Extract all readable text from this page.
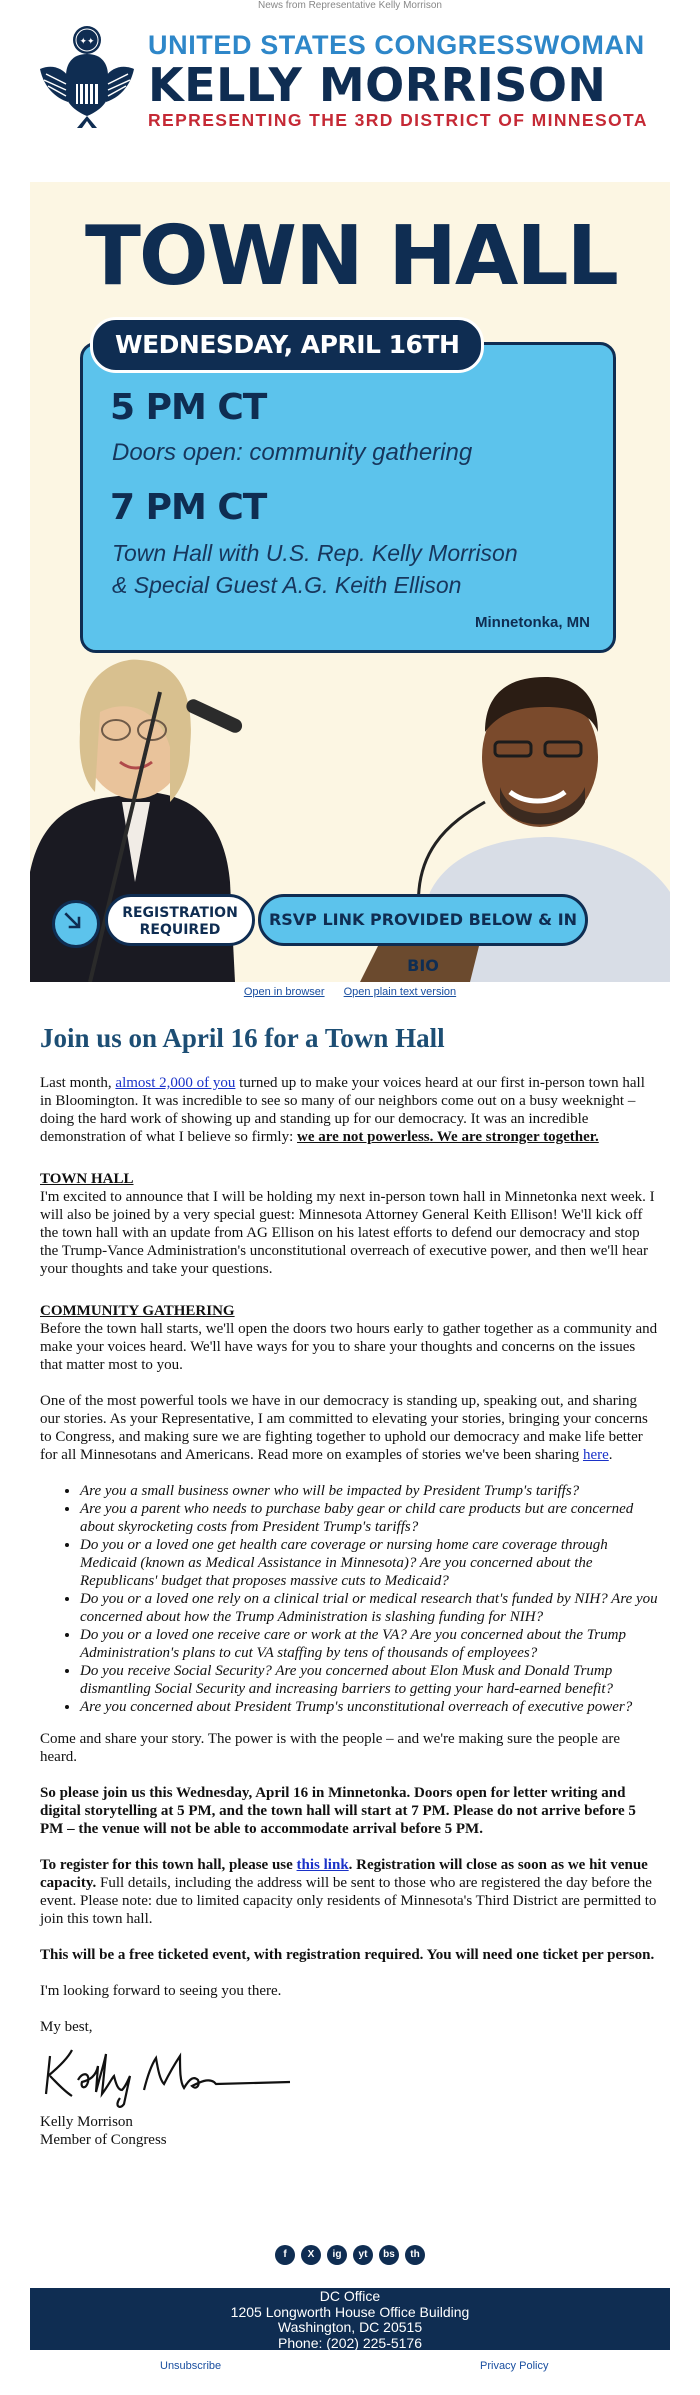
News from Representative Kelly Morrison
✦✦ UNITED STATES CONGRESSWOMAN
KELLY MORRISON
REPRESENTING THE 3RD DISTRICT OF MINNESOTA
TOWN HALL
WEDNESDAY, APRIL 16TH
5 PM CT
Doors open: community gathering
7 PM CT
Town Hall with U.S. Rep. Kelly Morrison
& Special Guest A.G. Keith Ellison
Minnetonka, MN
REGISTRATION
REQUIRED
RSVP LINK PROVIDED BELOW & IN BIO
Open in browser Open plain text version
Join us on April 16 for a Town Hall

Last month, almost 2,000 of you turned up to make your voices heard at our first in-person town hall in Bloomington. It was incredible to see so many of our neighbors come out on a busy weeknight – doing the hard work of showing up and standing up for our democracy. It was an incredible demonstration of what I believe so firmly: we are not powerless. We are stronger together.

TOWN HALL

I'm excited to announce that I will be holding my next in-person town hall in Minnetonka next week. I will also be joined by a very special guest: Minnesota Attorney General Keith Ellison! We'll kick off the town hall with an update from AG Ellison on his latest efforts to defend our democracy and stop the Trump-Vance Administration's unconstitutional overreach of executive power, and then we'll hear your thoughts and take your questions.

COMMUNITY GATHERING

Before the town hall starts, we'll open the doors two hours early to gather together as a community and make your voices heard. We'll have ways for you to share your thoughts and concerns on the issues that matter most to you.

One of the most powerful tools we have in our democracy is standing up, speaking out, and sharing our stories. As your Representative, I am committed to elevating your stories, bringing your concerns to Congress, and making sure we are fighting together to uphold our democracy and make life better for all Minnesotans and Americans. Read more on examples of stories we've been sharing here.

• Are you a small business owner who will be impacted by President Trump's tariffs?
• Are you a parent who needs to purchase baby gear or child care products but are concerned about skyrocketing costs from President Trump's tariffs?
• Do you or a loved one get health care coverage or nursing home care coverage through Medicaid (known as Medical Assistance in Minnesota)? Are you concerned about the Republicans' budget that proposes massive cuts to Medicaid?
• Do you or a loved one rely on a clinical trial or medical research that's funded by NIH? Are you concerned about how the Trump Administration is slashing funding for NIH?
• Do you or a loved one receive care or work at the VA? Are you concerned about the Trump Administration's plans to cut VA staffing by tens of thousands of employees?
• Do you receive Social Security? Are you concerned about Elon Musk and Donald Trump dismantling Social Security and increasing barriers to getting your hard-earned benefit?
• Are you concerned about President Trump's unconstitutional overreach of executive power?

Come and share your story. The power is with the people – and we're making sure the people are heard.

So please join us this Wednesday, April 16 in Minnetonka. Doors open for letter writing and digital storytelling at 5 PM, and the town hall will start at 7 PM. Please do not arrive before 5 PM – the venue will not be able to accommodate arrival before 5 PM.

To register for this town hall, please use this link. Registration will close as soon as we hit venue capacity. Full details, including the address will be sent to those who are registered the day before the event. Please note: due to limited capacity only residents of Minnesota's Third District are permitted to join this town hall.

This will be a free ticketed event, with registration required. You will need one ticket per person.

I'm looking forward to seeing you there.

My best,

Kelly Morrison
Member of Congress
f X ig yt bs th
DC Office
1205 Longworth House Office Building
Washington, DC 20515
Phone: (202) 225-5176
Unsubscribe	Privacy Policy
